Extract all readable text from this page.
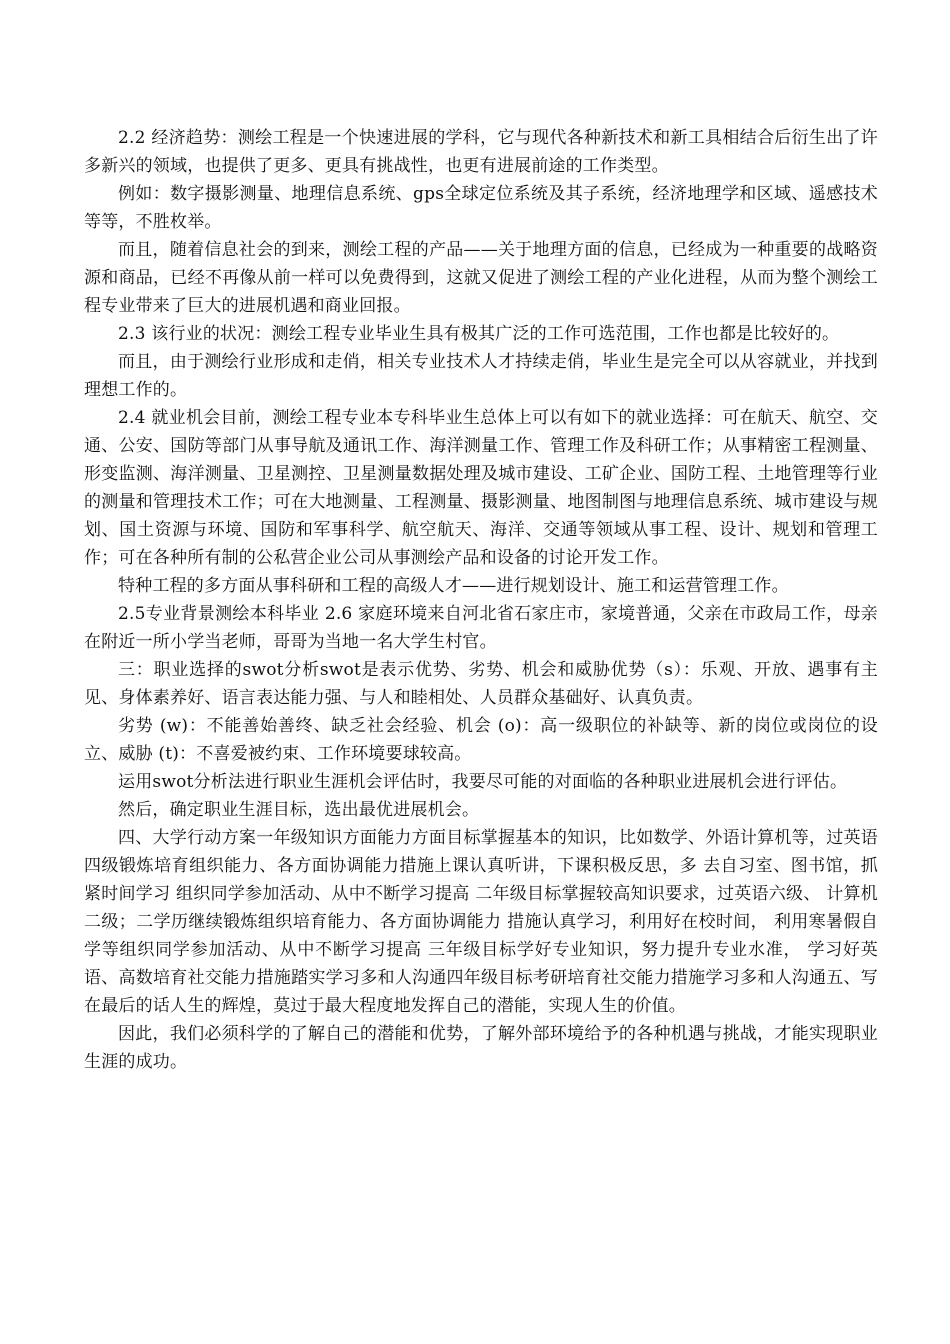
2.2 经济趋势：测绘工程是一个快速进展的学科，它与现代各种新技术和新工具相结合后衍生出了许多新兴的领域，也提供了更多、更具有挑战性，也更有进展前途的工作类型。

例如：数字摄影测量、地理信息系统、gps全球定位系统及其子系统，经济地理学和区域、遥感技术等等，不胜枚举。

而且，随着信息社会的到来，测绘工程的产品——关于地理方面的信息，已经成为一种重要的战略资源和商品，已经不再像从前一样可以免费得到，这就又促进了测绘工程的产业化进程，从而为整个测绘工程专业带来了巨大的进展机遇和商业回报。

2.3 该行业的状况：测绘工程专业毕业生具有极其广泛的工作可选范围，工作也都是比较好的。

而且，由于测绘行业形成和走俏，相关专业技术人才持续走俏，毕业生是完全可以从容就业，并找到理想工作的。

2.4 就业机会目前，测绘工程专业本专科毕业生总体上可以有如下的就业选择：可在航天、航空、交通、公安、国防等部门从事导航及通讯工作、海洋测量工作、管理工作及科研工作；从事精密工程测量、形变监测、海洋测量、卫星测控、卫星测量数据处理及城市建设、工矿企业、国防工程、土地管理等行业的测量和管理技术工作；可在大地测量、工程测量、摄影测量、地图制图与地理信息系统、城市建设与规划、国土资源与环境、国防和军事科学、航空航天、海洋、交通等领域从事工程、设计、规划和管理工作；可在各种所有制的公私营企业公司从事测绘产品和设备的讨论开发工作。

特种工程的多方面从事科研和工程的高级人才——进行规划设计、施工和运营管理工作。

2.5专业背景测绘本科毕业 2.6 家庭环境来自河北省石家庄市，家境普通，父亲在市政局工作，母亲在附近一所小学当老师，哥哥为当地一名大学生村官。

三：职业选择的swot分析swot是表示优势、劣势、机会和威胁优势（s）：乐观、开放、遇事有主见、身体素养好、语言表达能力强、与人和睦相处、人员群众基础好、认真负责。

劣势 (w)：不能善始善终、缺乏社会经验、机会 (o)：高一级职位的补缺等、新的岗位或岗位的设立、威胁 (t)：不喜爱被约束、工作环境要球较高。

运用swot分析法进行职业生涯机会评估时，我要尽可能的对面临的各种职业进展机会进行评估。

然后，确定职业生涯目标，选出最优进展机会。

四、大学行动方案一年级知识方面能力方面目标掌握基本的知识，比如数学、外语计算机等，过英语四级锻炼培育组织能力、各方面协调能力措施上课认真听讲，下课积极反思，多 去自习室、图书馆，抓紧时间学习 组织同学参加活动、从中不断学习提高 二年级目标掌握较高知识要求，过英语六级、 计算机二级；二学历继续锻炼组织培育能力、各方面协调能力 措施认真学习，利用好在校时间， 利用寒暑假自学等组织同学参加活动、从中不断学习提高 三年级目标学好专业知识，努力提升专业水准， 学习好英语、高数培育社交能力措施踏实学习多和人沟通四年级目标考研培育社交能力措施学习多和人沟通五、写在最后的话人生的辉煌，莫过于最大程度地发挥自己的潜能，实现人生的价值。

因此，我们必须科学的了解自己的潜能和优势，了解外部环境给予的各种机遇与挑战，才能实现职业生涯的成功。
